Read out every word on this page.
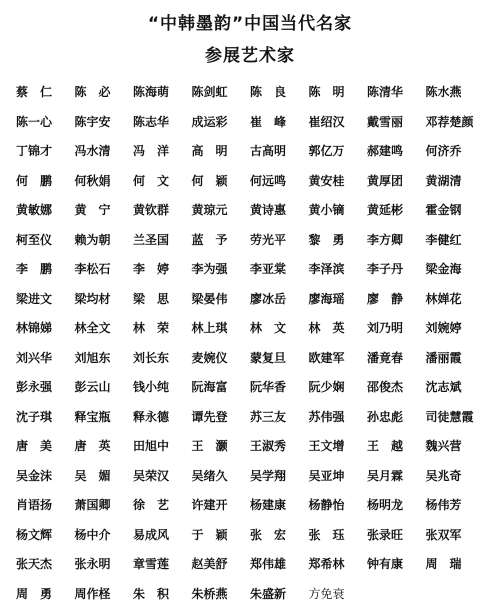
“中韩墨韵”中国当代名家
参展艺术家
蔡　仁	陈　必	陈海萌	陈剑虹	陈　良	陈　明	陈清华	陈水燕
陈一心	陈宇安	陈志华	成运彩	崔　峰	崔绍汉	戴雪丽	邓荐楚颜
丁锦才	冯水清	冯　洋	高　明	古高明	郭亿万	郝建鸣	何济乔
何　鹏	何秋娟	何　文	何　颖	何远鸣	黄安桂	黄厚团	黄湖清
黄敏娜	黄　宁	黄钦群	黄琼元	黄诗惠	黄小镝	黄延彬	霍金钢
柯至仪	赖为朝	兰圣国	蓝　予	劳光平	黎　勇	李方卿	李健红
李　鹏	李松石	李　婷	李为强	李亚棠	李泽滨	李子丹	梁金海
梁进文	梁均材	梁　思	梁晏伟	廖冰岳	廖海瑶	廖　静	林婵花
林锦娣	林全文	林　荣	林上琪	林　文	林　英	刘乃明	刘婉婷
刘兴华	刘旭东	刘长东	麦婉仪	蒙复旦	欧建军	潘竟春	潘丽霞
彭永强	彭云山	钱小纯	阮海富	阮华香	阮少娴	邵俊杰	沈志斌
沈子琪	释宝瓶	释永德	谭先登	苏三友	苏伟强	孙忠彪	司徒慧霞
唐　美	唐　英	田旭中	王　灏	王淑秀	王文增	王　越	魏兴营
吴金沫	吴　媚	吴荣汉	吴绪久	吴学翔	吴亚坤	吴月霖	吴兆奇
肖语扬	萧国卿	徐　艺	许建开	杨建康	杨静怡	杨明龙	杨伟芳
杨文辉	杨中介	易成风	于　颖	张　宏	张　珏	张录旺	张双军
张天杰	张永明	章雪莲	赵美舒	郑伟雄	郑希林	钟有康	周　瑞
周　勇	周作柽	朱　积	朱桥燕	朱盛新	方免衰
